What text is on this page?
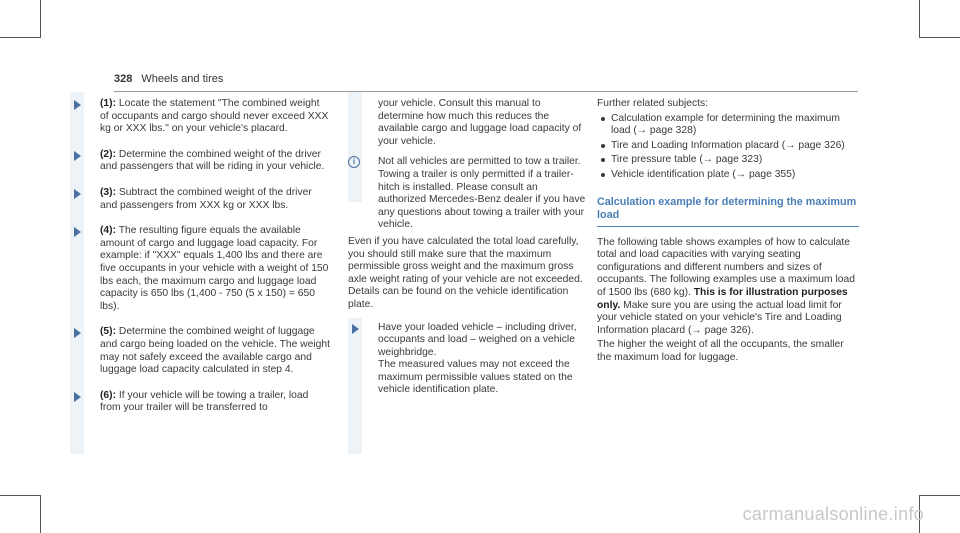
328 Wheels and tires
(1): Locate the statement "The combined weight of occupants and cargo should never exceed XXX kg or XXX lbs." on your vehicle's placard.
(2): Determine the combined weight of the driver and passengers that will be riding in your vehicle.
(3): Subtract the combined weight of the driver and passengers from XXX kg or XXX lbs.
(4): The resulting figure equals the available amount of cargo and luggage load capacity. For example: if "XXX" equals 1,400 lbs and there are five occupants in your vehicle with a weight of 150 lbs each, the maximum cargo and luggage load capacity is 650 lbs (1,400 - 750 (5 x 150) = 650 lbs).
(5): Determine the combined weight of luggage and cargo being loaded on the vehicle. The weight may not safely exceed the available cargo and luggage load capacity calculated in step 4.
(6): If your vehicle will be towing a trailer, load from your trailer will be transferred to

your vehicle. Consult this manual to determine how much this reduces the available cargo and luggage load capacity of your vehicle.

i	Not all vehicles are permitted to tow a trailer. Towing a trailer is only permitted if a trailer-hitch is installed. Please consult an authorized Mercedes-Benz dealer if you have any questions about towing a trailer with your vehicle.

Even if you have calculated the total load carefully, you should still make sure that the maximum permissible gross weight and the maximum gross axle weight rating of your vehicle are not exceeded. Details can be found on the vehicle identification plate.

Have your loaded vehicle – including driver, occupants and load – weighed on a vehicle weighbridge.

The measured values may not exceed the maximum permissible values stated on the vehicle identification plate.

Further related subjects:

Calculation example for determining the maximum load (→ page 328)
Tire and Loading Information placard (→ page 326)
Tire pressure table (→ page 323)
Vehicle identification plate (→ page 355)
Calculation example for determining the maximum load

The following table shows examples of how to calculate total and load capacities with varying seating configurations and different numbers and sizes of occupants. The following examples use a maximum load of 1500 lbs (680 kg). This is for illustration purposes only. Make sure you are using the actual load limit for your vehicle stated on your vehicle's Tire and Loading Information placard (→ page 326).

The higher the weight of all the occupants, the smaller the maximum load for luggage.

carmanualsonline.info
